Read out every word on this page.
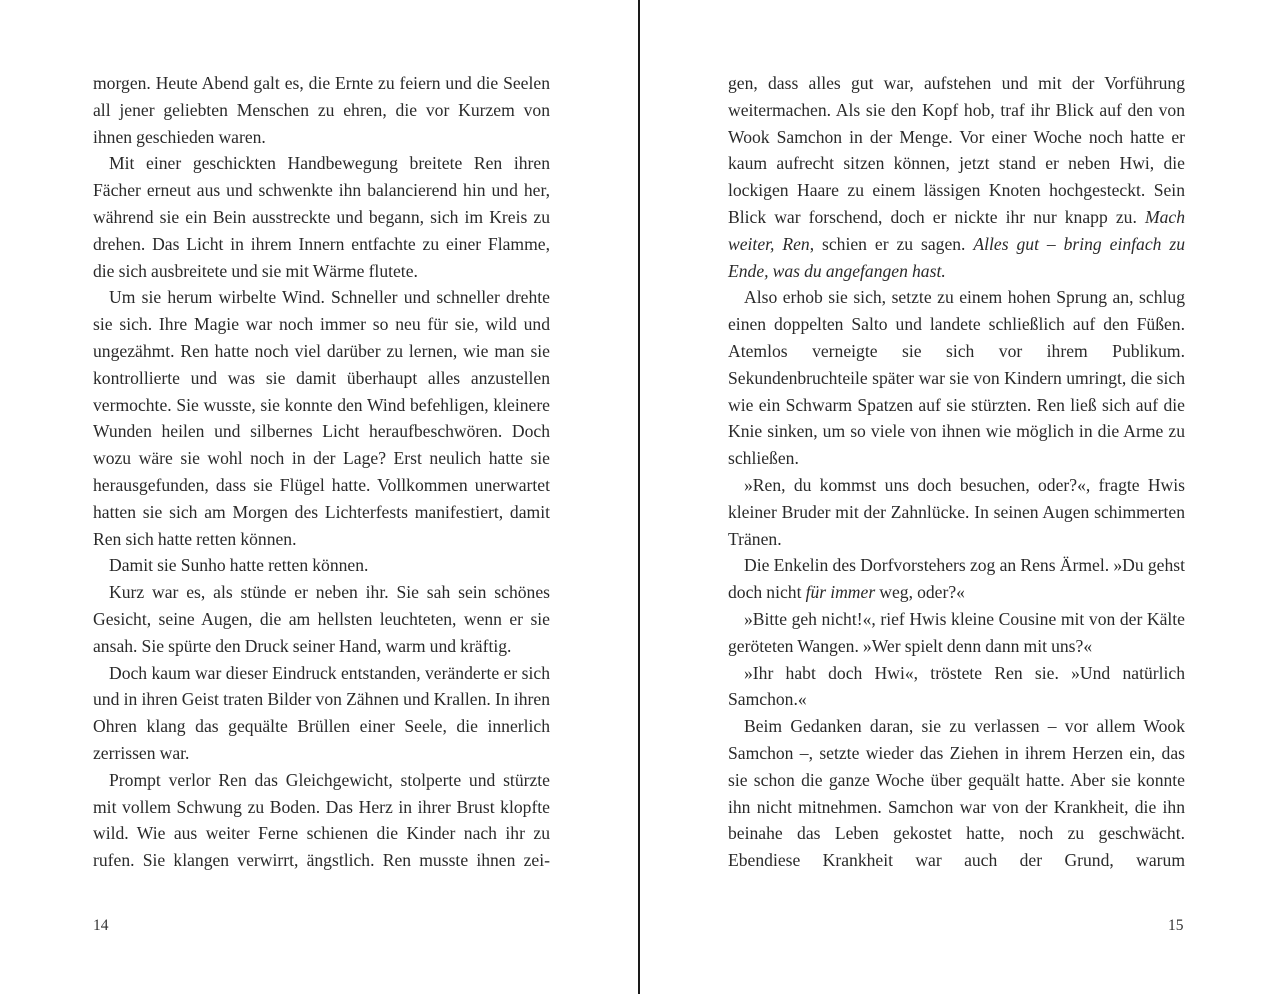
morgen. Heute Abend galt es, die Ernte zu feiern und die Seelen all jener geliebten Menschen zu ehren, die vor Kurzem von ihnen geschieden waren.

Mit einer geschickten Handbewegung breitete Ren ihren Fächer erneut aus und schwenkte ihn balancierend hin und her, während sie ein Bein ausstreckte und begann, sich im Kreis zu drehen. Das Licht in ihrem Innern entfachte zu einer Flamme, die sich ausbreitete und sie mit Wärme flutete.

Um sie herum wirbelte Wind. Schneller und schneller drehte sie sich. Ihre Magie war noch immer so neu für sie, wild und ungezähmt. Ren hatte noch viel darüber zu lernen, wie man sie kontrollierte und was sie damit überhaupt alles anzustellen vermochte. Sie wusste, sie konnte den Wind befehligen, kleinere Wunden heilen und silbernes Licht heraufbeschwören. Doch wozu wäre sie wohl noch in der Lage? Erst neulich hatte sie herausgefunden, dass sie Flügel hatte. Vollkommen unerwartet hatten sie sich am Morgen des Lichterfests manifestiert, damit Ren sich hatte retten können.

Damit sie Sunho hatte retten können.

Kurz war es, als stünde er neben ihr. Sie sah sein schönes Gesicht, seine Augen, die am hellsten leuchteten, wenn er sie ansah. Sie spürte den Druck seiner Hand, warm und kräftig.

Doch kaum war dieser Eindruck entstanden, veränderte er sich und in ihren Geist traten Bilder von Zähnen und Krallen. In ihren Ohren klang das gequälte Brüllen einer Seele, die innerlich zerrissen war.

Prompt verlor Ren das Gleichgewicht, stolperte und stürzte mit vollem Schwung zu Boden. Das Herz in ihrer Brust klopfte wild. Wie aus weiter Ferne schienen die Kinder nach ihr zu rufen. Sie klangen verwirrt, ängstlich. Ren musste ihnen zei-

14

gen, dass alles gut war, aufstehen und mit der Vorführung weitermachen. Als sie den Kopf hob, traf ihr Blick auf den von Wook Samchon in der Menge. Vor einer Woche noch hatte er kaum aufrecht sitzen können, jetzt stand er neben Hwi, die lockigen Haare zu einem lässigen Knoten hochgesteckt. Sein Blick war forschend, doch er nickte ihr nur knapp zu. Mach weiter, Ren, schien er zu sagen. Alles gut – bring einfach zu Ende, was du angefangen hast.

Also erhob sie sich, setzte zu einem hohen Sprung an, schlug einen doppelten Salto und landete schließlich auf den Füßen. Atemlos verneigte sie sich vor ihrem Publikum. Sekundenbruchteile später war sie von Kindern umringt, die sich wie ein Schwarm Spatzen auf sie stürzten. Ren ließ sich auf die Knie sinken, um so viele von ihnen wie möglich in die Arme zu schließen.

»Ren, du kommst uns doch besuchen, oder?«, fragte Hwis kleiner Bruder mit der Zahnlücke. In seinen Augen schimmerten Tränen.

Die Enkelin des Dorfvorstehers zog an Rens Ärmel. »Du gehst doch nicht für immer weg, oder?«

»Bitte geh nicht!«, rief Hwis kleine Cousine mit von der Kälte geröteten Wangen. »Wer spielt denn dann mit uns?«

»Ihr habt doch Hwi«, tröstete Ren sie. »Und natürlich Samchon.«

Beim Gedanken daran, sie zu verlassen – vor allem Wook Samchon –, setzte wieder das Ziehen in ihrem Herzen ein, das sie schon die ganze Woche über gequält hatte. Aber sie konnte ihn nicht mitnehmen. Samchon war von der Krankheit, die ihn beinahe das Leben gekostet hatte, noch zu geschwächt. Ebendiese Krankheit war auch der Grund, warum

15
